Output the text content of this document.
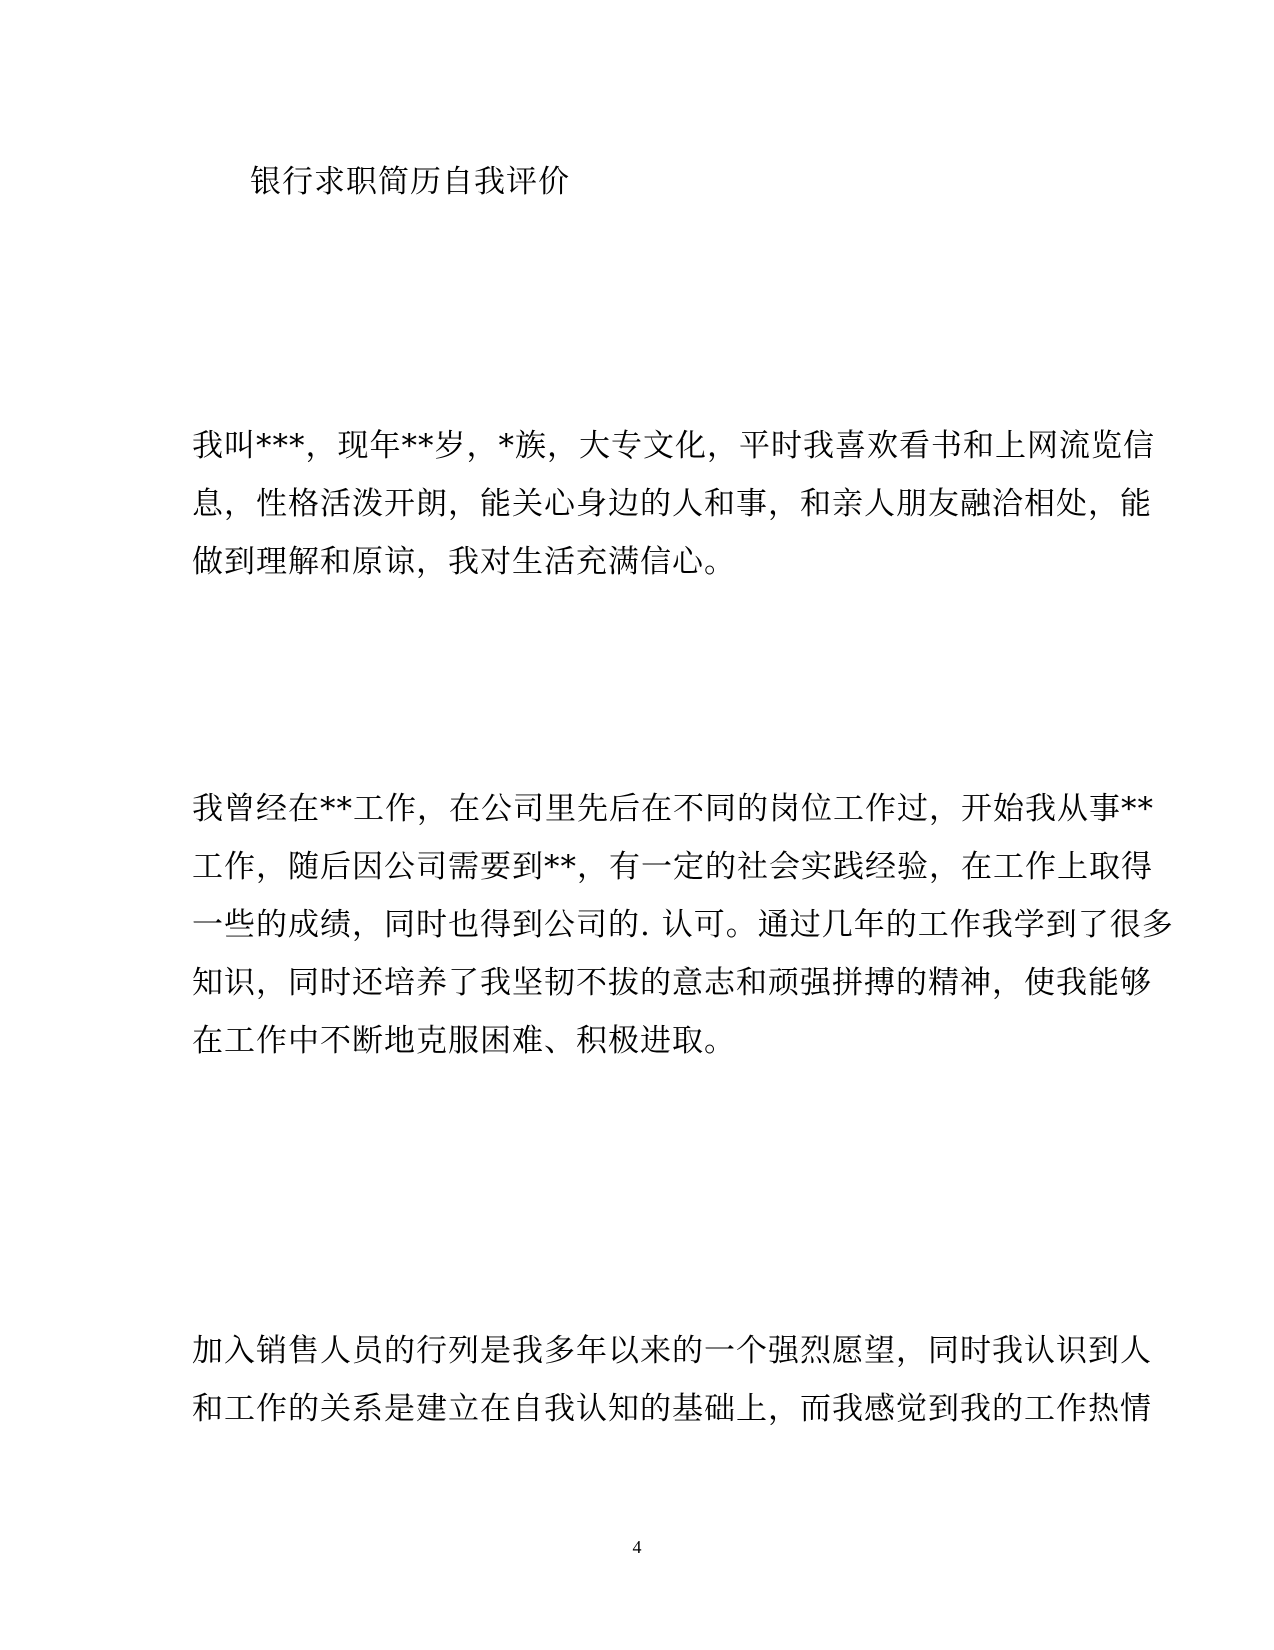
银行求职简历自我评价
我叫***，现年**岁，*族，大专文化，平时我喜欢看书和上网流览信
息，性格活泼开朗，能关心身边的人和事，和亲人朋友融洽相处，能
做到理解和原谅，我对生活充满信心。
我曾经在**工作，在公司里先后在不同的岗位工作过，开始我从事**
工作，随后因公司需要到**，有一定的社会实践经验，在工作上取得
一些的成绩，同时也得到公司的. 认可。通过几年的工作我学到了很多
知识，同时还培养了我坚韧不拔的意志和顽强拼搏的精神，使我能够
在工作中不断地克服困难、积极进取。
加入销售人员的行列是我多年以来的一个强烈愿望，同时我认识到人
和工作的关系是建立在自我认知的基础上，而我感觉到我的工作热情
4
